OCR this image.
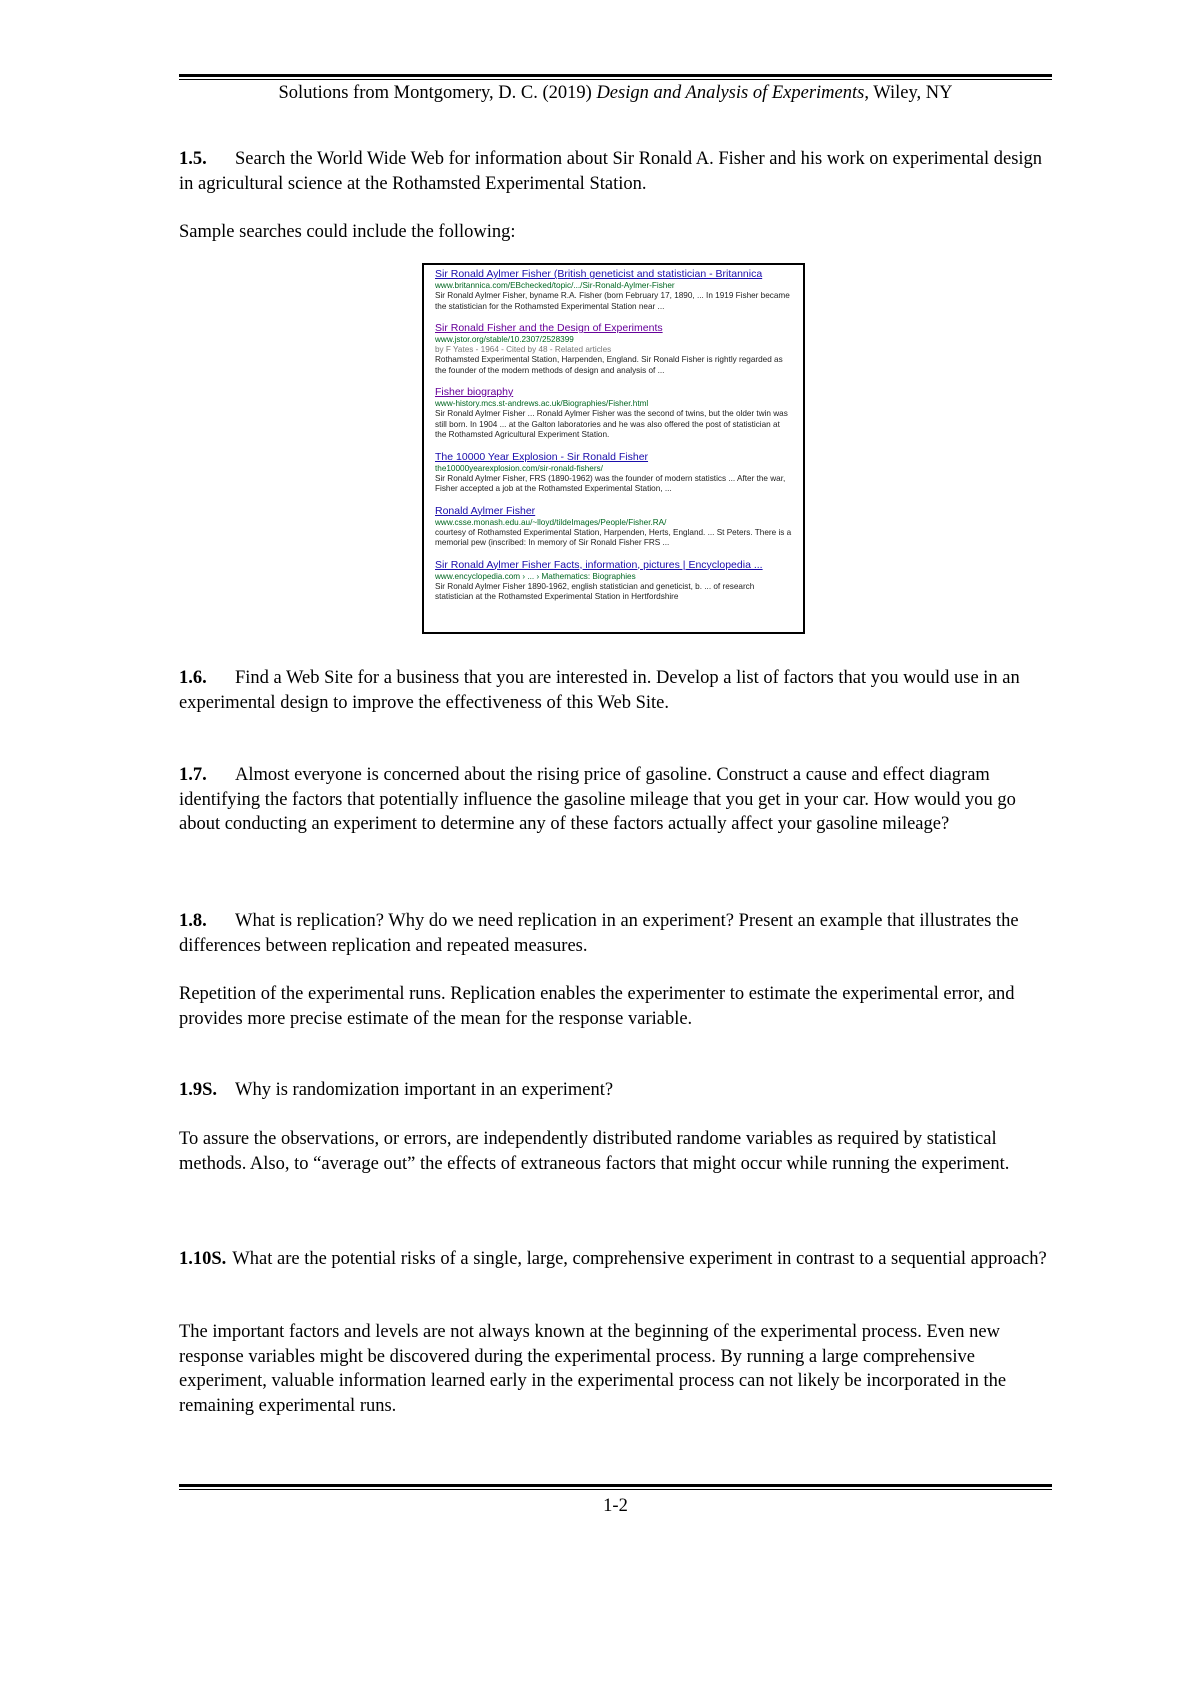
Solutions from Montgomery, D. C. (2019) Design and Analysis of Experiments, Wiley, NY
1.5. Search the World Wide Web for information about Sir Ronald A. Fisher and his work on experimental design in agricultural science at the Rothamsted Experimental Station.
Sample searches could include the following:
Sir Ronald Aylmer Fisher (British geneticist and statistician - Britannica
www.britannica.com/EBchecked/topic/.../Sir-Ronald-Aylmer-Fisher
Sir Ronald Aylmer Fisher, byname R.A. Fisher (born February 17, 1890, ... In 1919 Fisher became the statistician for the Rothamsted Experimental Station near ...
Sir Ronald Fisher and the Design of Experiments
www.jstor.org/stable/10.2307/2528399
by F Yates - 1964 - Cited by 48 - Related articles
Rothamsted Experimental Station, Harpenden, England. Sir Ronald Fisher is rightly regarded as the founder of the modern methods of design and analysis of ...
Fisher biography
www-history.mcs.st-andrews.ac.uk/Biographies/Fisher.html
Sir Ronald Aylmer Fisher ... Ronald Aylmer Fisher was the second of twins, but the older twin was still born. In 1904 ... at the Galton laboratories and he was also offered the post of statistician at the Rothamsted Agricultural Experiment Station.
The 10000 Year Explosion - Sir Ronald Fisher
the10000yearexplosion.com/sir-ronald-fishers/
Sir Ronald Aylmer Fisher, FRS (1890-1962) was the founder of modern statistics ... After the war, Fisher accepted a job at the Rothamsted Experimental Station, ...
Ronald Aylmer Fisher
www.csse.monash.edu.au/~lloyd/tildeImages/People/Fisher.RA/
courtesy of Rothamsted Experimental Station, Harpenden, Herts, England. ... St Peters. There is a memorial pew (inscribed: In memory of Sir Ronald Fisher FRS ...
Sir Ronald Aylmer Fisher Facts, information, pictures | Encyclopedia ...
www.encyclopedia.com › ... › Mathematics: Biographies
Sir Ronald Aylmer Fisher 1890-1962, english statistician and geneticist, b. ... of research statistician at the Rothamsted Experimental Station in Hertfordshire
1.6. Find a Web Site for a business that you are interested in. Develop a list of factors that you would use in an experimental design to improve the effectiveness of this Web Site.
1.7. Almost everyone is concerned about the rising price of gasoline. Construct a cause and effect diagram identifying the factors that potentially influence the gasoline mileage that you get in your car. How would you go about conducting an experiment to determine any of these factors actually affect your gasoline mileage?
1.8. What is replication? Why do we need replication in an experiment? Present an example that illustrates the differences between replication and repeated measures.
Repetition of the experimental runs. Replication enables the experimenter to estimate the experimental error, and provides more precise estimate of the mean for the response variable.
1.9S. Why is randomization important in an experiment?
To assure the observations, or errors, are independently distributed randome variables as required by statistical methods. Also, to “average out” the effects of extraneous factors that might occur while running the experiment.
1.10S. What are the potential risks of a single, large, comprehensive experiment in contrast to a sequential approach?
The important factors and levels are not always known at the beginning of the experimental process. Even new response variables might be discovered during the experimental process. By running a large comprehensive experiment, valuable information learned early in the experimental process can not likely be incorporated in the remaining experimental runs.
1-2
